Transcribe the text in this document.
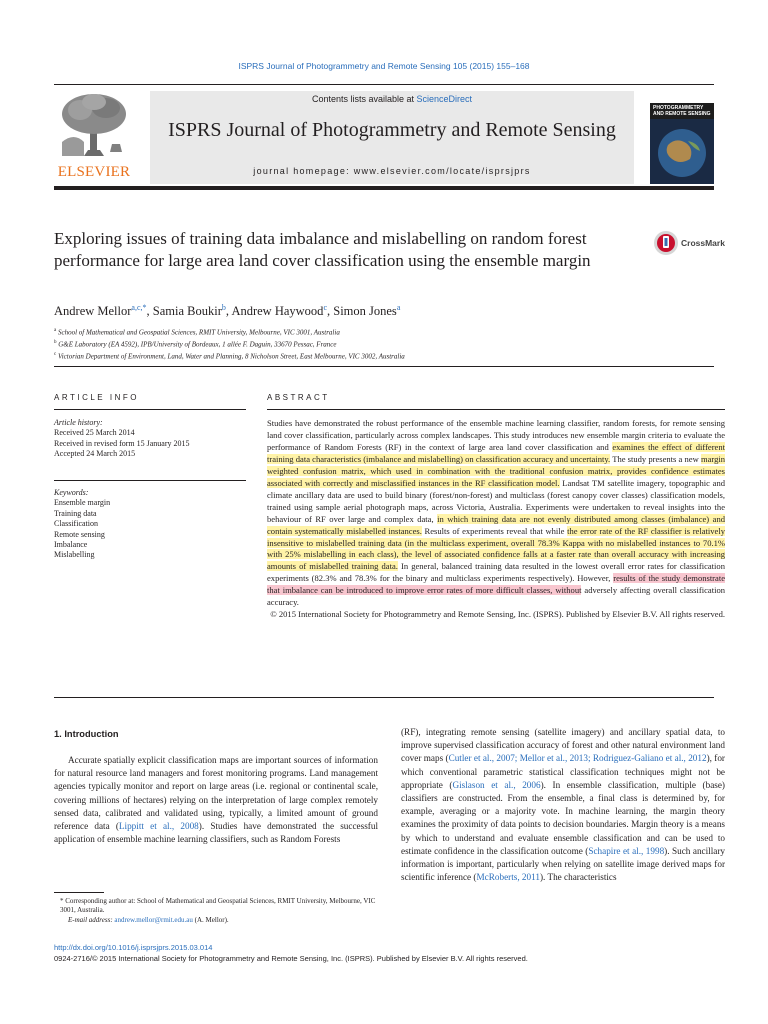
ISPRS Journal of Photogrammetry and Remote Sensing 105 (2015) 155–168
Contents lists available at ScienceDirect
ISPRS Journal of Photogrammetry and Remote Sensing
journal homepage: www.elsevier.com/locate/isprsjprs
ELSEVIER
PHOTOGRAMMETRY
AND REMOTE SENSING
Exploring issues of training data imbalance and mislabelling on random forest performance for large area land cover classification using the ensemble margin
CrossMark
Andrew Mellor$^{a,c,*}$, Samia Boukir$^b$, Andrew Haywood$^c$, Simon Jones$^a$
$^a$ School of Mathematical and Geospatial Sciences, RMIT University, Melbourne, VIC 3001, Australia
$^b$ G&E Laboratory (EA 4592), IPB/University of Bordeaux, 1 allée F. Daguin, 33670 Pessac, France
$^c$ Victorian Department of Environment, Land, Water and Planning, 8 Nicholson Street, East Melbourne, VIC 3002, Australia
ARTICLE INFO
Article history:
Received 25 March 2014
Received in revised form 15 January 2015
Accepted 24 March 2015
Keywords:
Ensemble margin
Training data
Classification
Remote sensing
Imbalance
Mislabelling
ABSTRACT
Studies have demonstrated the robust performance of the ensemble machine learning classifier, random forests, for remote sensing land cover classification, particularly across complex landscapes. This study introduces new ensemble margin criteria to evaluate the performance of Random Forests (RF) in the context of large area land cover classification and examines the effect of different training data characteristics (imbalance and mislabelling) on classification accuracy and uncertainty. The study presents a new margin weighted confusion matrix, which used in combination with the traditional confusion matrix, provides confidence estimates associated with correctly and misclassified instances in the RF classification model. Landsat TM satellite imagery, topographic and climate ancillary data are used to build binary (forest/non-forest) and multiclass (forest canopy cover classes) classification models, trained using sample aerial photograph maps, across Victoria, Australia. Experiments were undertaken to reveal insights into the behaviour of RF over large and complex data, in which training data are not evenly distributed among classes (imbalance) and contain systematically mislabelled instances. Results of experiments reveal that while the error rate of the RF classifier is relatively insensitive to mislabelled training data (in the multiclass experiment, overall 78.3% Kappa with no mislabelled instances to 70.1% with 25% mislabelling in each class), the level of associated confidence falls at a faster rate than overall accuracy with increasing amounts of mislabelled training data. In general, balanced training data resulted in the lowest overall error rates for classification experiments (82.3% and 78.3% for the binary and multiclass experiments respectively). However, results of the study demonstrate that imbalance can be introduced to improve error rates of more difficult classes, without adversely affecting overall classification accuracy.
© 2015 International Society for Photogrammetry and Remote Sensing, Inc. (ISPRS). Published by Elsevier B.V. All rights reserved.
1. Introduction
Accurate spatially explicit classification maps are important sources of information for natural resource land managers and forest monitoring programs. Land management agencies typically monitor and report on large areas (i.e. regional or continental scale, covering millions of hectares) relying on the interpretation of large complex remotely sensed data, calibrated and validated using, typically, a limited amount of ground reference data (Lippitt et al., 2008). Studies have demonstrated the successful application of ensemble machine learning classifiers, such as Random Forests
* Corresponding author at: School of Mathematical and Geospatial Sciences, RMIT University, Melbourne, VIC 3001, Australia.
E-mail address: andrew.mellor@rmit.edu.au (A. Mellor).
(RF), integrating remote sensing (satellite imagery) and ancillary spatial data, to improve supervised classification accuracy of forest and other natural environment land cover maps (Cutler et al., 2007; Mellor et al., 2013; Rodriguez-Galiano et al., 2012), for which conventional parametric statistical classification techniques might not be appropriate (Gislason et al., 2006). In ensemble classification, multiple (base) classifiers are constructed. From the ensemble, a final class is determined by, for example, averaging or a majority vote. In machine learning, the margin theory examines the proximity of data points to decision boundaries. Margin theory is a means by which to understand and evaluate ensemble classification and can be used to estimate confidence in the classification outcome (Schapire et al., 1998). Such ancillary information is important, particularly when relying on satellite image derived maps for scientific inference (McRoberts, 2011). The characteristics
http://dx.doi.org/10.1016/j.isprsjprs.2015.03.014
0924-2716/© 2015 International Society for Photogrammetry and Remote Sensing, Inc. (ISPRS). Published by Elsevier B.V. All rights reserved.
